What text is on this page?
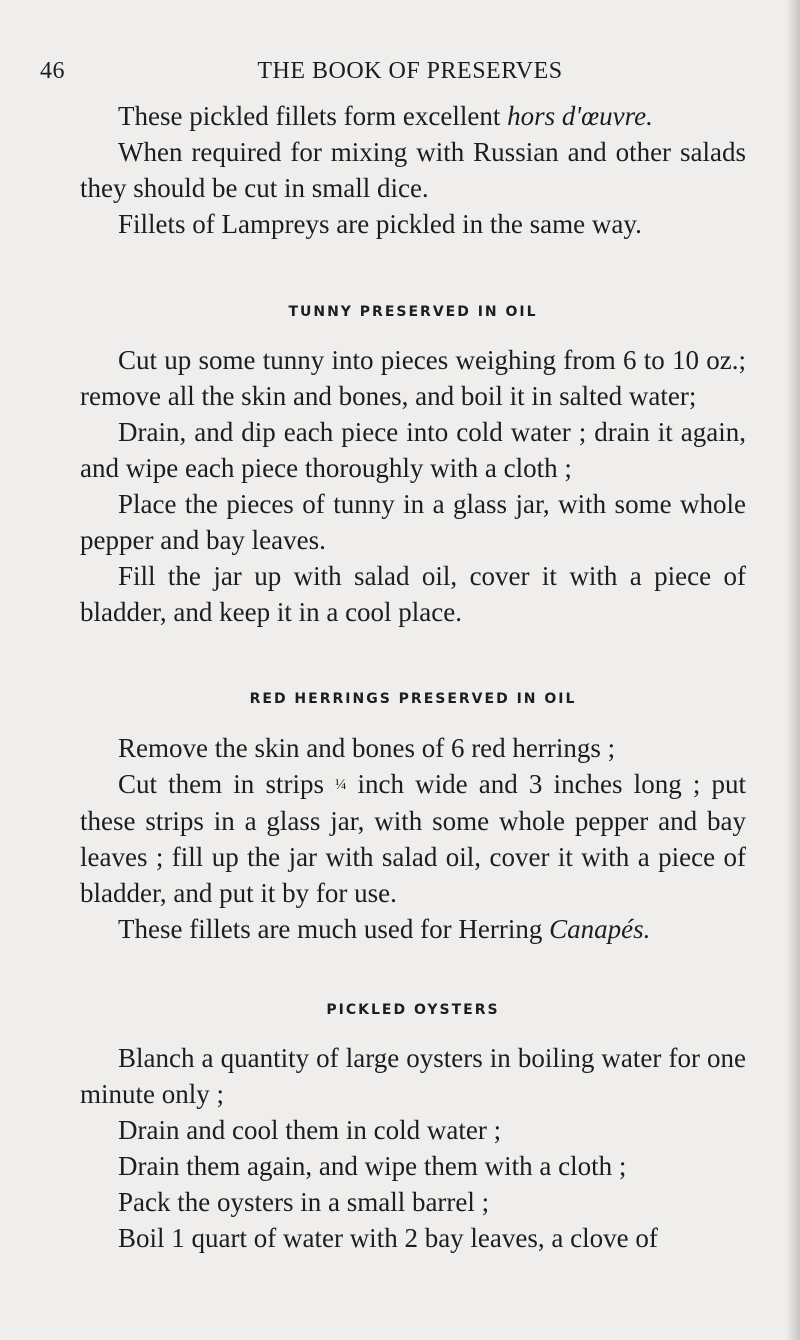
46	THE BOOK OF PRESERVES

These pickled fillets form excellent hors d'œuvre.

When required for mixing with Russian and other salads they should be cut in small dice.

Fillets of Lampreys are pickled in the same way.

TUNNY PRESERVED IN OIL

Cut up some tunny into pieces weighing from 6 to 10 oz.; remove all the skin and bones, and boil it in salted water;

Drain, and dip each piece into cold water ; drain it again, and wipe each piece thoroughly with a cloth ;

Place the pieces of tunny in a glass jar, with some whole pepper and bay leaves.

Fill the jar up with salad oil, cover it with a piece of bladder, and keep it in a cool place.

RED HERRINGS PRESERVED IN OIL

Remove the skin and bones of 6 red herrings ;

Cut them in strips ¼ inch wide and 3 inches long ; put these strips in a glass jar, with some whole pepper and bay leaves ; fill up the jar with salad oil, cover it with a piece of bladder, and put it by for use.

These fillets are much used for Herring Canapés.

PICKLED OYSTERS

Blanch a quantity of large oysters in boiling water for one minute only ;

Drain and cool them in cold water ;

Drain them again, and wipe them with a cloth ;

Pack the oysters in a small barrel ;

Boil 1 quart of water with 2 bay leaves, a clove of
